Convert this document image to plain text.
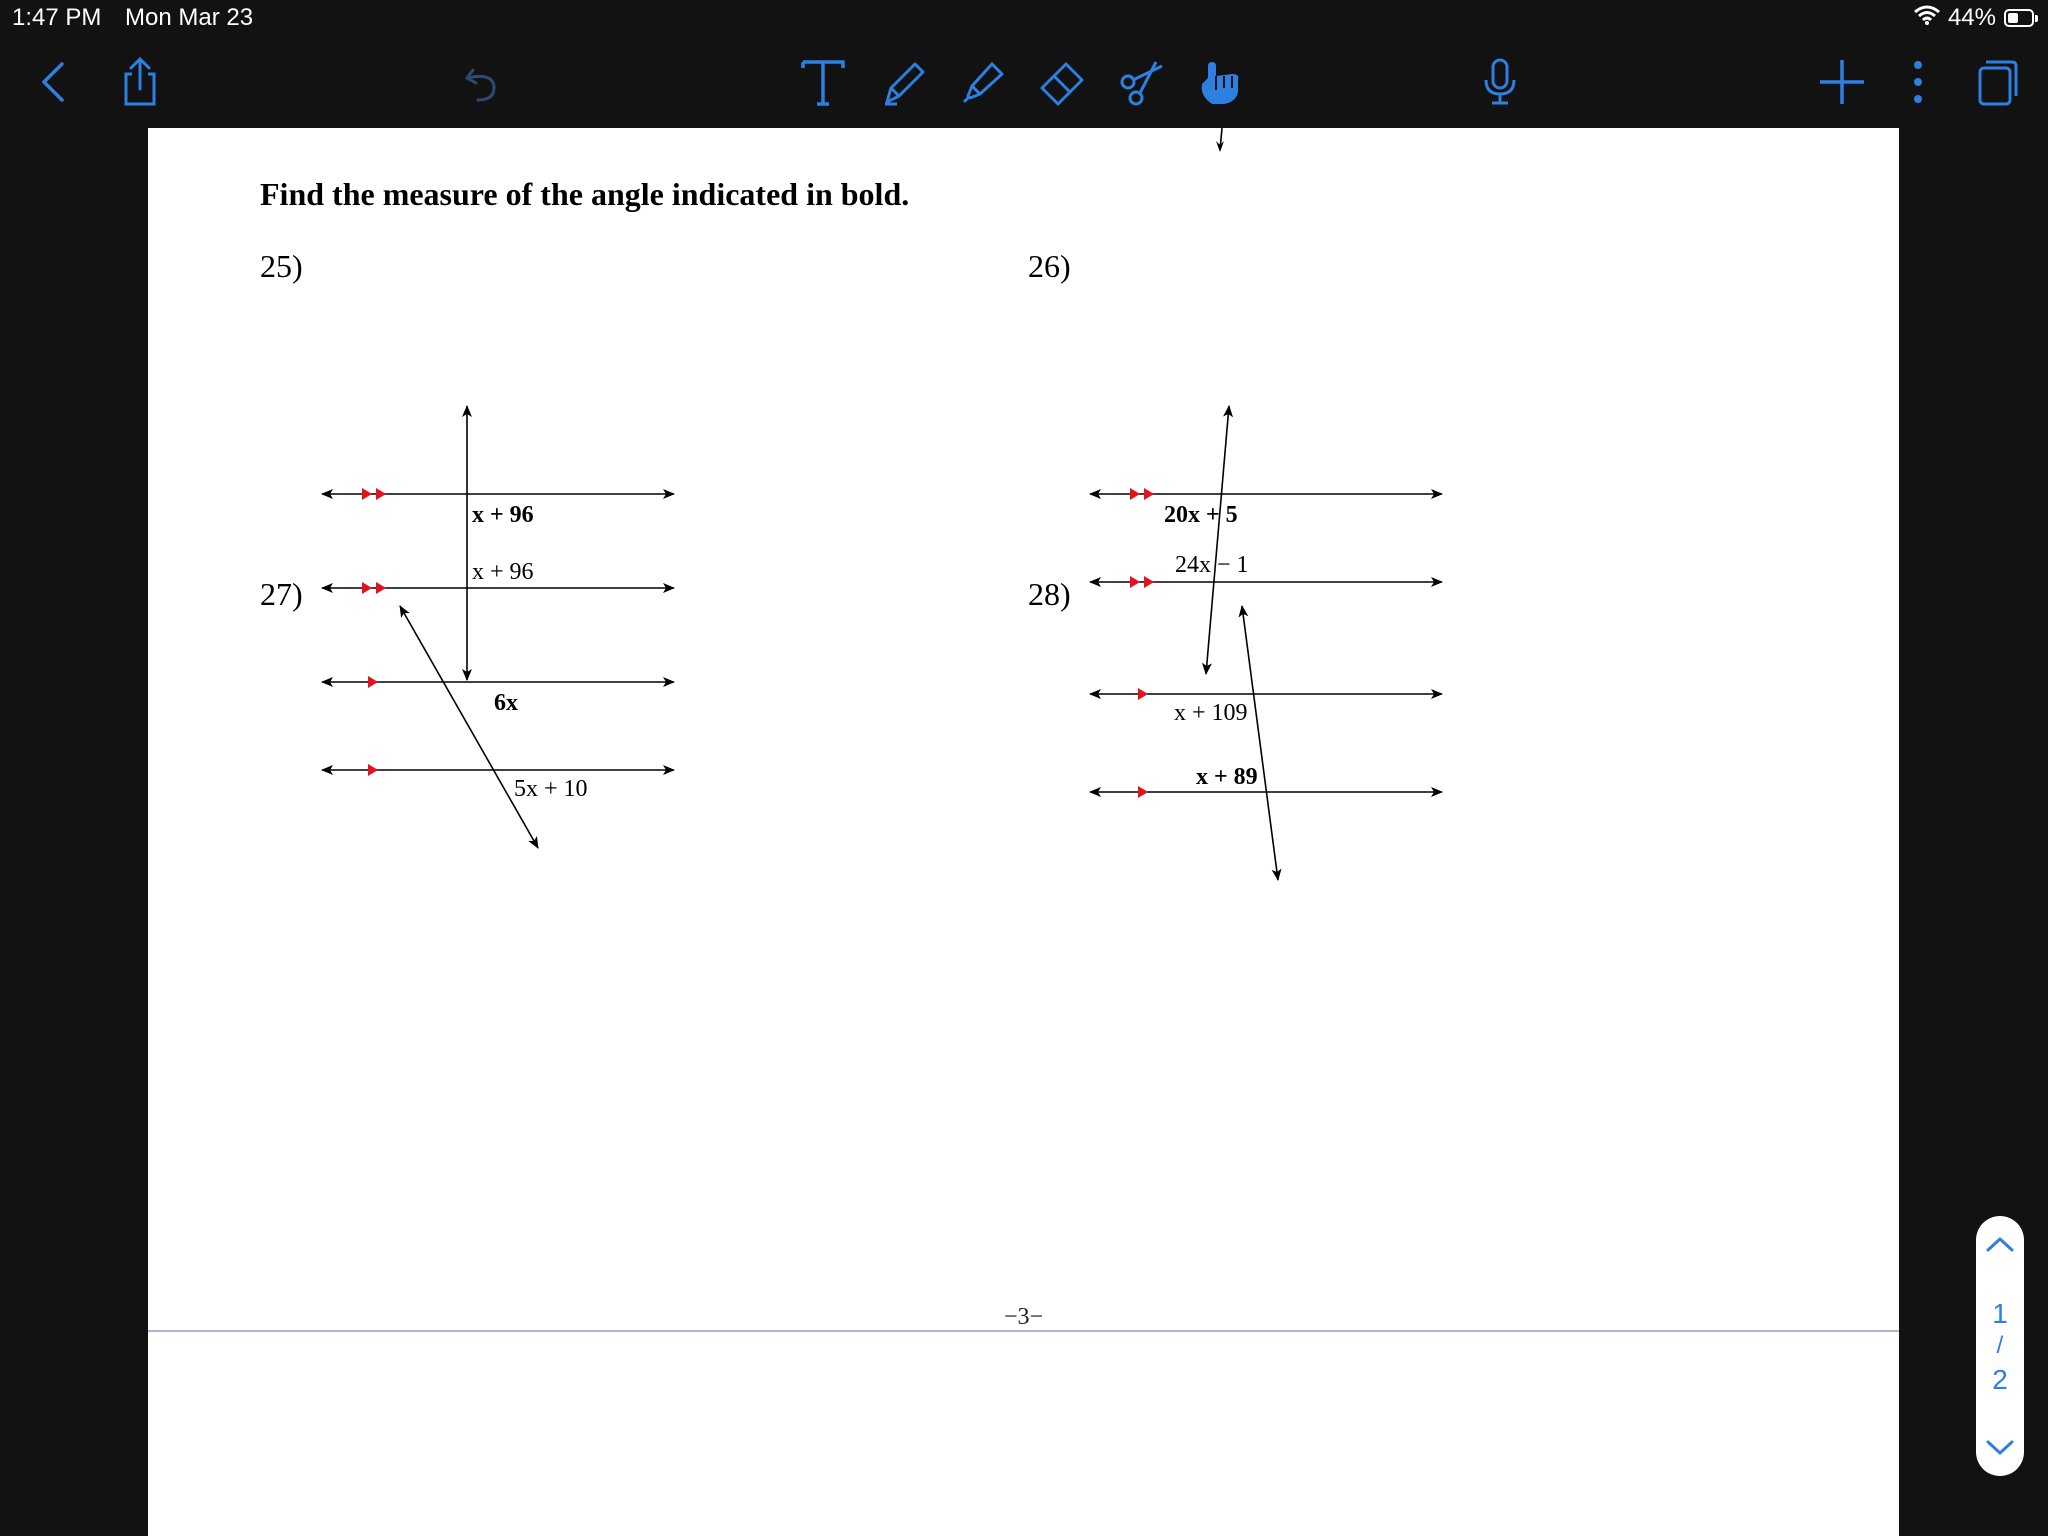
1:47 PM Mon Mar 23	44%
Find the measure of the angle indicated in bold.
25)
x + 96
x + 96
26)
20x + 5
24x − 1
27)
6x
5x + 10
28)
x + 109
x + 89
−3−	1
/
2
